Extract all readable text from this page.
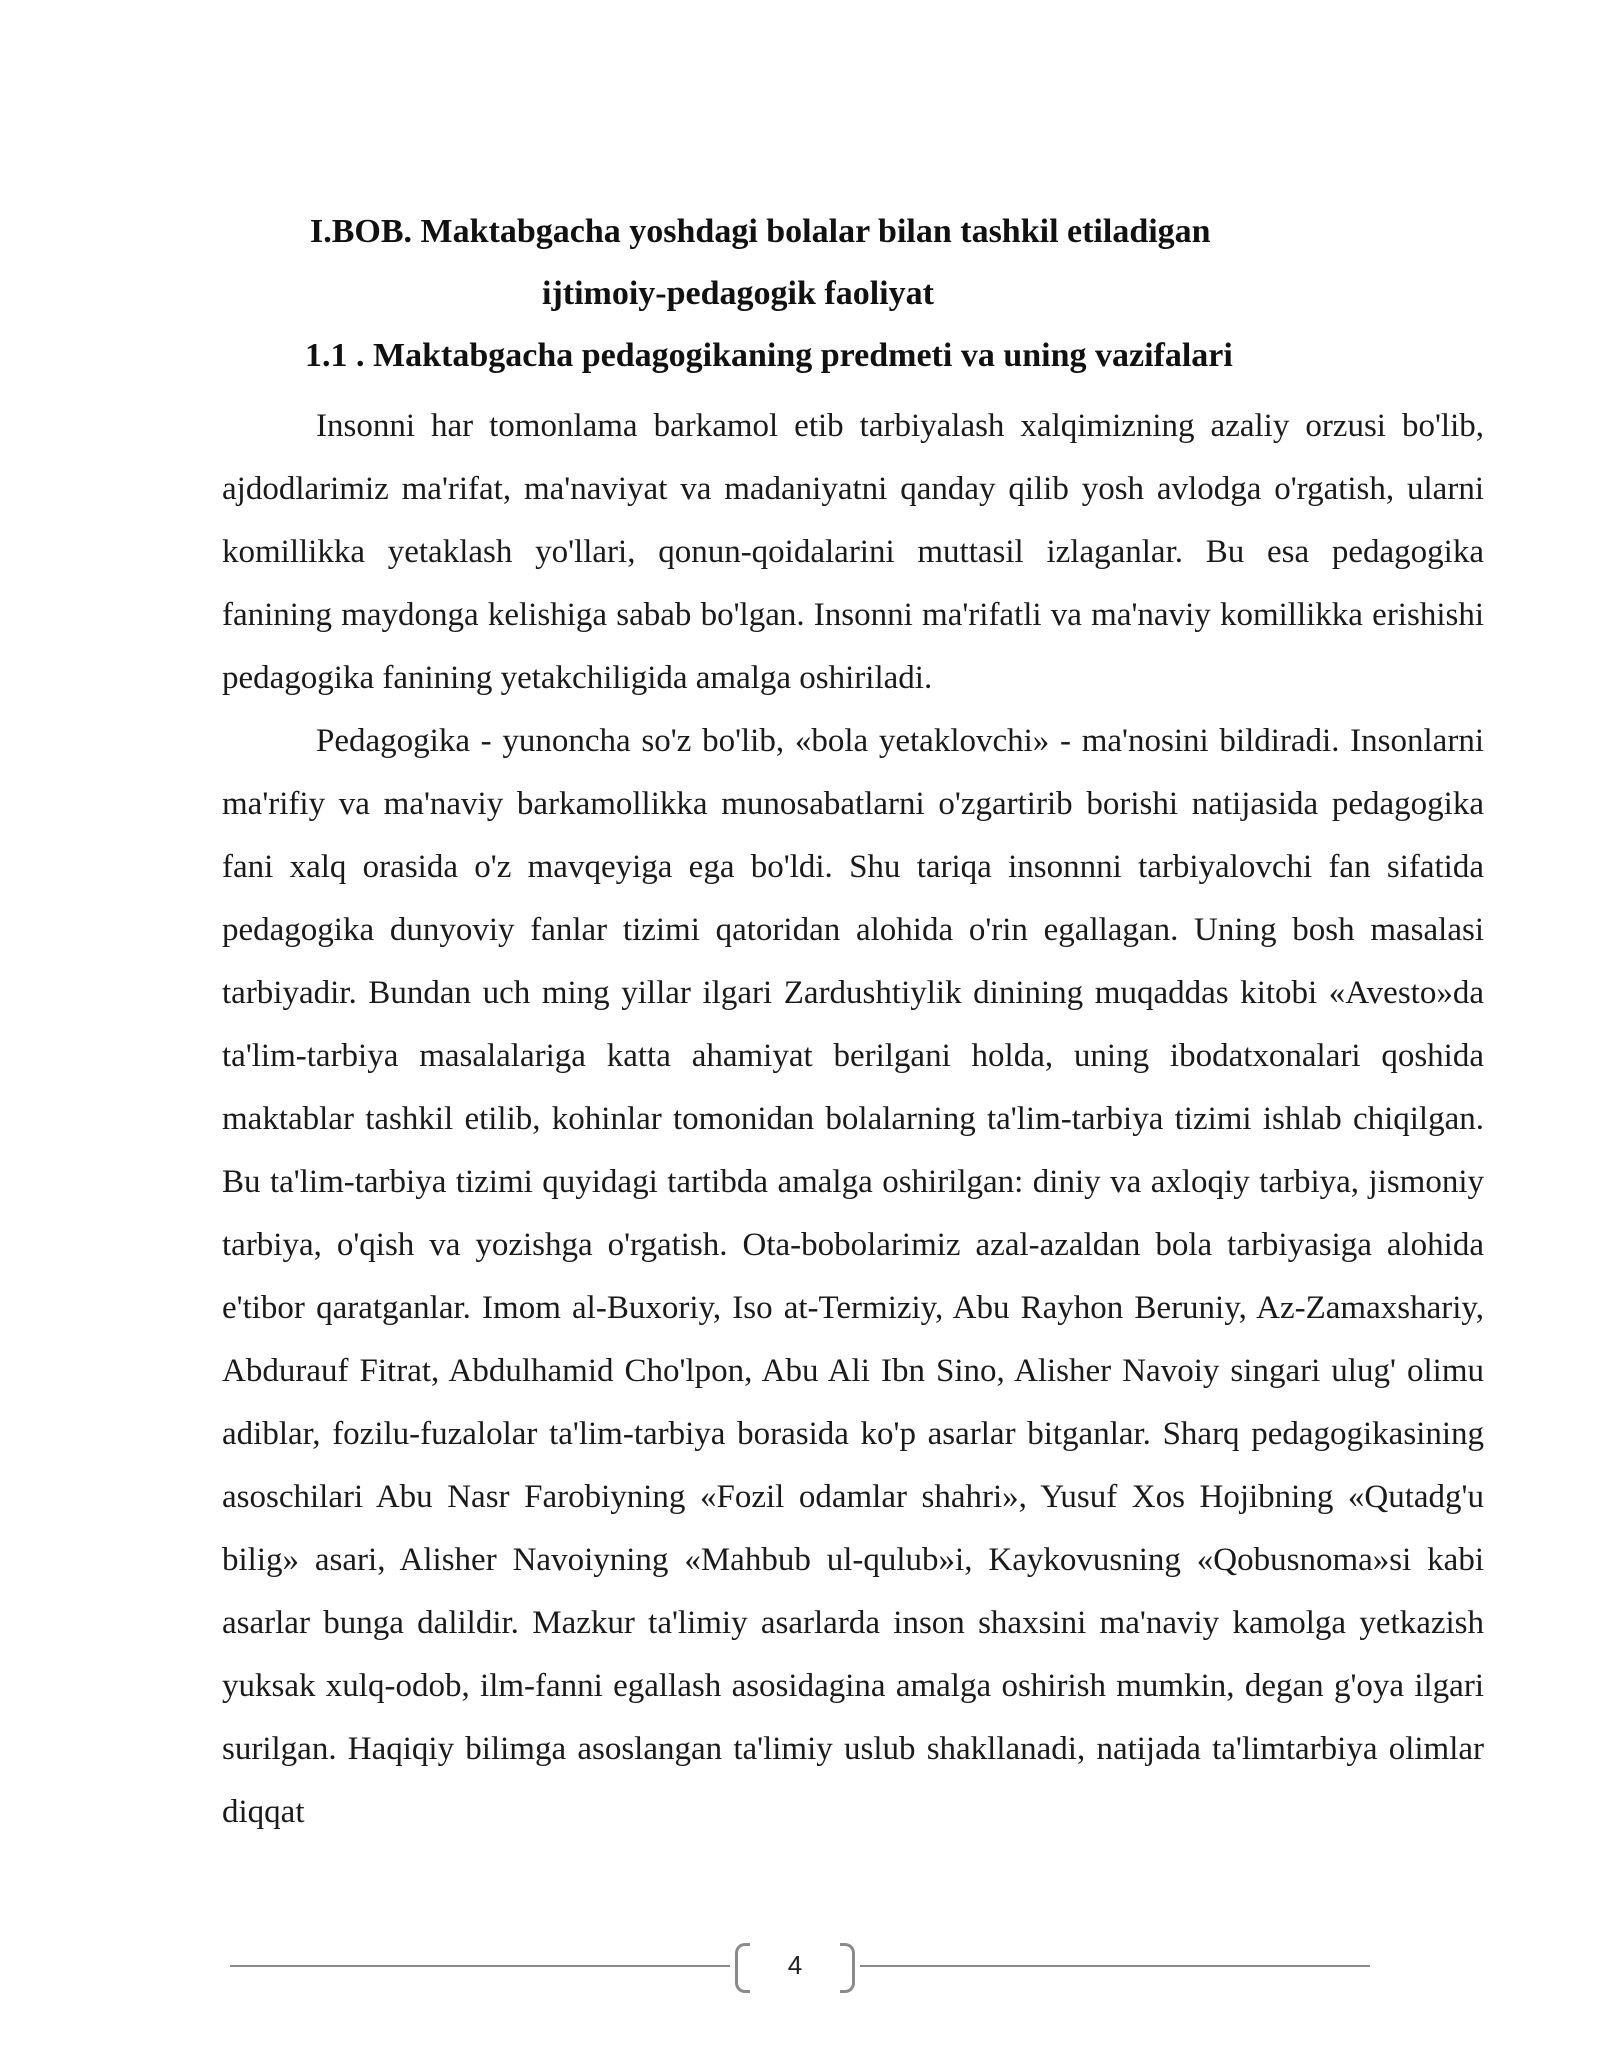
I.BOB. Maktabgacha yoshdagi bolalar bilan tashkil etiladigan
ijtimoiy-pedagogik faoliyat
1.1 . Maktabgacha pedagogikaning predmeti va uning vazifalari

Insonni har tomonlama barkamol etib tarbiyalash xalqimizning azaliy orzusi bo'lib, ajdodlarimiz ma'rifat, ma'naviyat va madaniyatni qanday qilib yosh avlodga o'rgatish, ularni komillikka yetaklash yo'llari, qonun-qoidalarini muttasil izlaganlar. Bu esa pedagogika fanining maydonga kelishiga sabab bo'lgan. Insonni ma'rifatli va ma'naviy komillikka erishishi pedagogika fanining yetakchiligida amalga oshiriladi.

Pedagogika - yunoncha so'z bo'lib, «bola yetaklovchi» - ma'nosini bildiradi. Insonlarni ma'rifiy va ma'naviy barkamollikka munosabatlarni o'zgartirib borishi natijasida pedagogika fani xalq orasida o'z mavqeyiga ega bo'ldi. Shu tariqa insonnni tarbiyalovchi fan sifatida pedagogika dunyoviy fanlar tizimi qatoridan alohida o'rin egallagan. Uning bosh masalasi tarbiyadir. Bundan uch ming yillar ilgari Zardushtiylik dinining muqaddas kitobi «Avesto»da ta'lim-tarbiya masalalariga katta ahamiyat berilgani holda, uning ibodatxonalari qoshida maktablar tashkil etilib, kohinlar tomonidan bolalarning ta'lim-tarbiya tizimi ishlab chiqilgan. Bu ta'lim-tarbiya tizimi quyidagi tartibda amalga oshirilgan: diniy va axloqiy tarbiya, jismoniy tarbiya, o'qish va yozishga o'rgatish. Ota-bobolarimiz azal-azaldan bola tarbiyasiga alohida e'tibor qaratganlar. Imom al-Buxoriy, Iso at-Termiziy, Abu Rayhon Beruniy, Az-Zamaxshariy, Abdurauf Fitrat, Abdulhamid Cho'lpon, Abu Ali Ibn Sino, Alisher Navoiy singari ulug' olimu adiblar, fozilu-fuzalolar ta'lim-tarbiya borasida ko'p asarlar bitganlar. Sharq pedagogikasining asoschilari Abu Nasr Farobiyning «Fozil odamlar shahri», Yusuf Xos Hojibning «Qutadg'u bilig» asari, Alisher Navoiyning «Mahbub ul-qulub»i, Kaykovusning «Qobusnoma»si kabi asarlar bunga dalildir. Mazkur ta'limiy asarlarda inson shaxsini ma'naviy kamolga yetkazish yuksak xulq-odob, ilm-fanni egallash asosidagina amalga oshirish mumkin, degan g'oya ilgari surilgan. Haqiqiy bilimga asoslangan ta'limiy uslub shakllanadi, natijada ta'limtarbiya olimlar diqqat

4
